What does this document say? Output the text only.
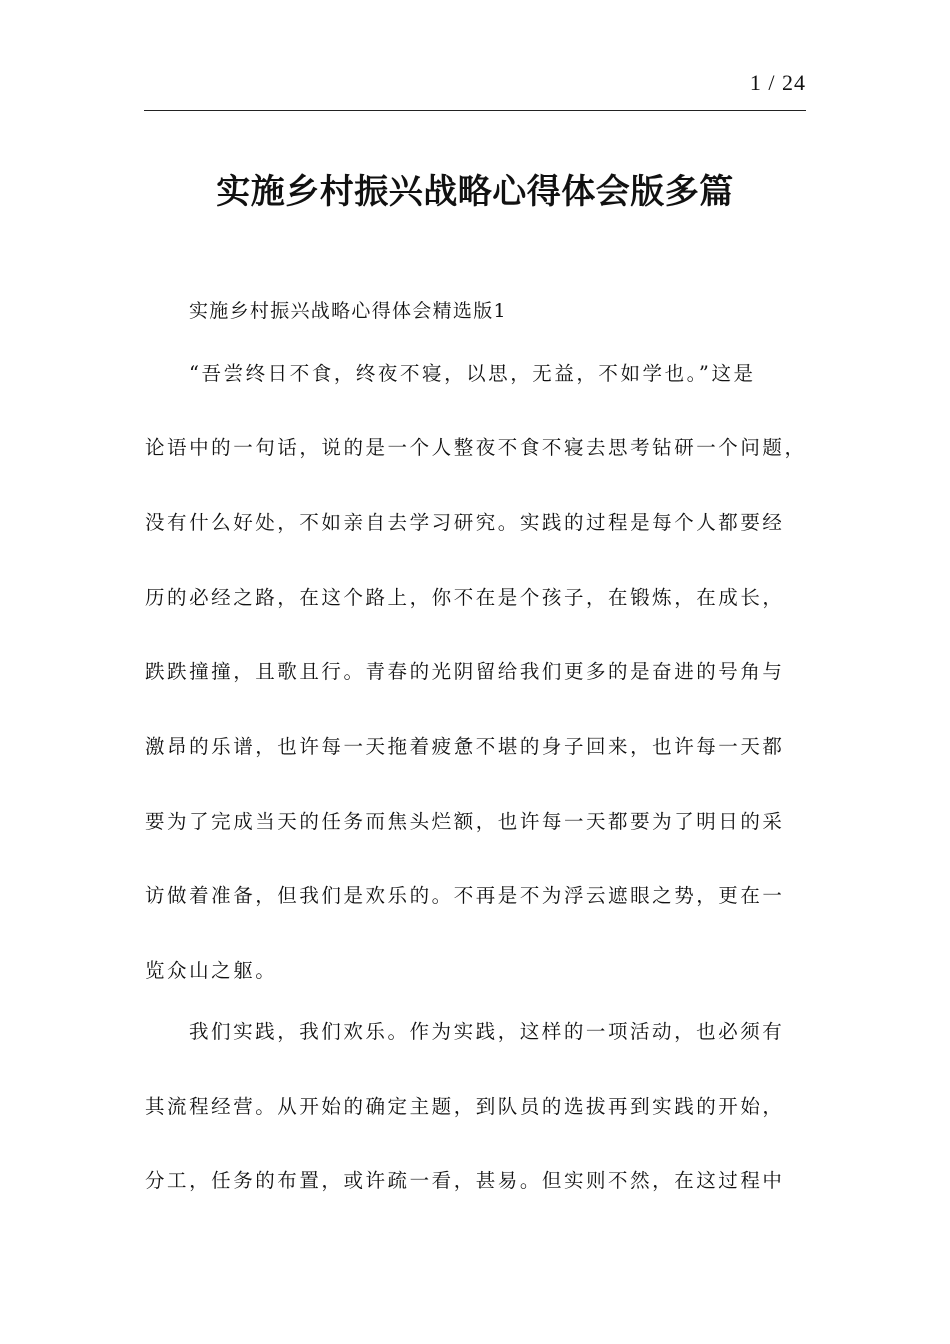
1 / 24
实施乡村振兴战略心得体会版多篇
实施乡村振兴战略心得体会精选版1
“吾尝终日不食，终夜不寝，以思，无益，不如学也。”这是
论语中的一句话，说的是一个人整夜不食不寝去思考钻研一个问题，
没有什么好处，不如亲自去学习研究。实践的过程是每个人都要经
历的必经之路，在这个路上，你不在是个孩子，在锻炼，在成长，
跌跌撞撞，且歌且行。青春的光阴留给我们更多的是奋进的号角与
激昂的乐谱，也许每一天拖着疲惫不堪的身子回来，也许每一天都
要为了完成当天的任务而焦头烂额，也许每一天都要为了明日的采
访做着准备，但我们是欢乐的。不再是不为浮云遮眼之势，更在一
览众山之躯。
我们实践，我们欢乐。作为实践，这样的一项活动，也必须有
其流程经营。从开始的确定主题，到队员的选拔再到实践的开始，
分工，任务的布置，或许疏一看，甚易。但实则不然，在这过程中
